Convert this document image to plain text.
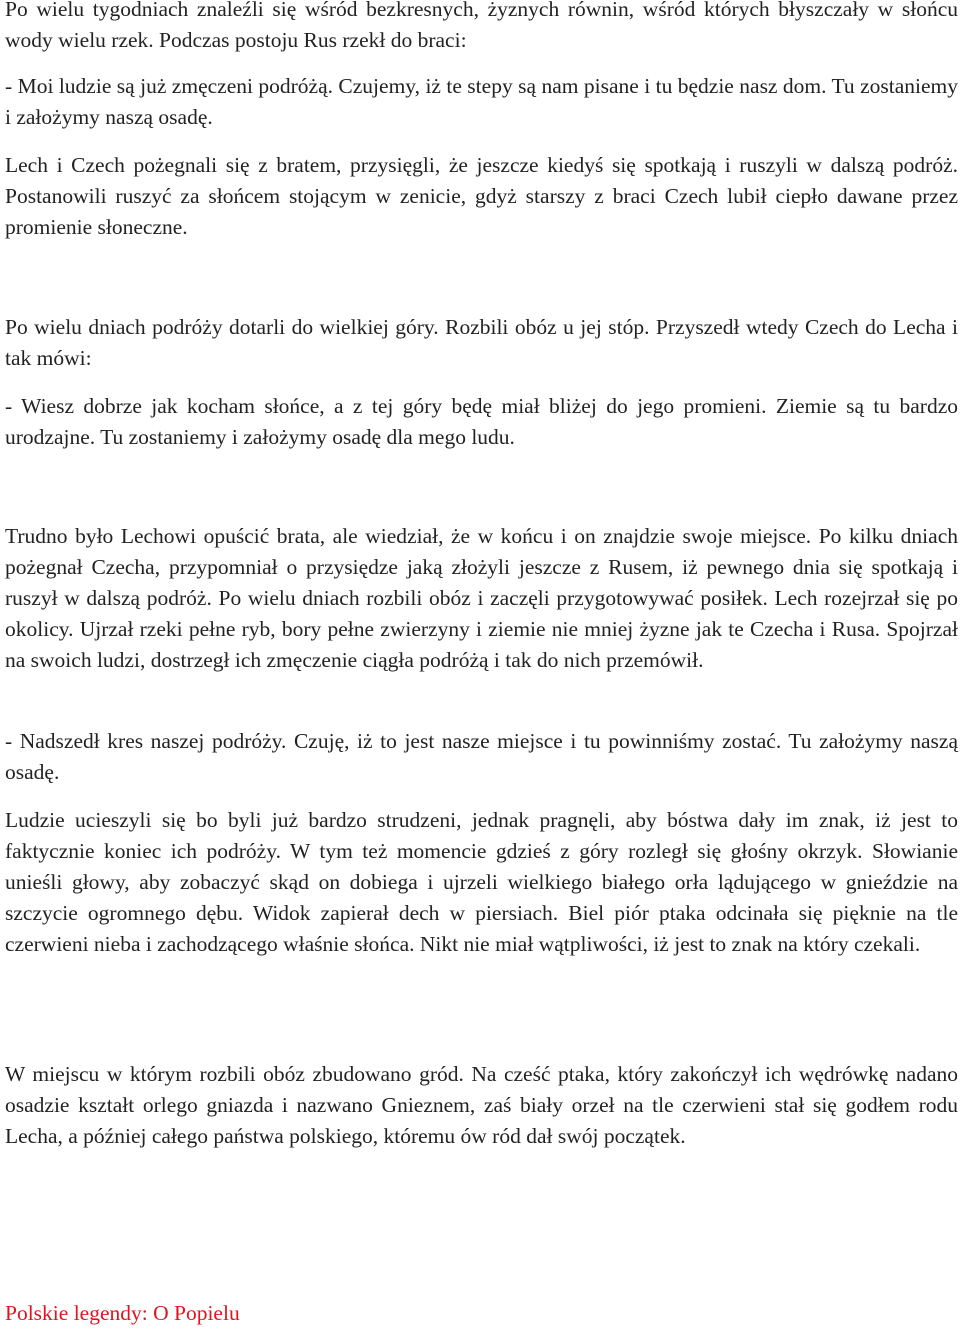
Po wielu tygodniach znaleźli się wśród bezkresnych, żyznych równin, wśród których błyszczały w słońcu wody wielu rzek. Podczas postoju Rus rzekł do braci:

- Moi ludzie są już zmęczeni podróżą. Czujemy, iż te stepy są nam pisane i tu będzie nasz dom. Tu zostaniemy i założymy naszą osadę.

Lech i Czech pożegnali się z bratem, przysięgli, że jeszcze kiedyś się spotkają i ruszyli w dalszą podróż. Postanowili ruszyć za słońcem stojącym w zenicie, gdyż starszy z braci Czech lubił ciepło dawane przez promienie słoneczne.

Po wielu dniach podróży dotarli do wielkiej góry. Rozbili obóz u jej stóp. Przyszedł wtedy Czech do Lecha i tak mówi:

- Wiesz dobrze jak kocham słońce, a z tej góry będę miał bliżej do jego promieni. Ziemie są tu bardzo urodzajne. Tu zostaniemy i założymy osadę dla mego ludu.

Trudno było Lechowi opuścić brata, ale wiedział, że w końcu i on znajdzie swoje miejsce. Po kilku dniach pożegnał Czecha, przypomniał o przysiędze jaką złożyli jeszcze z Rusem, iż pewnego dnia się spotkają i ruszył w dalszą podróż. Po wielu dniach rozbili obóz i zaczęli przygotowywać posiłek. Lech rozejrzał się po okolicy. Ujrzał rzeki pełne ryb, bory pełne zwierzyny i ziemie nie mniej żyzne jak te Czecha i Rusa. Spojrzał na swoich ludzi, dostrzegł ich zmęczenie ciągła podróżą i tak do nich przemówił.

- Nadszedł kres naszej podróży. Czuję, iż to jest nasze miejsce i tu powinniśmy zostać. Tu założymy naszą osadę.

Ludzie ucieszyli się bo byli już bardzo strudzeni, jednak pragnęli, aby bóstwa dały im znak, iż jest to faktycznie koniec ich podróży. W tym też momencie gdzieś z góry rozległ się głośny okrzyk. Słowianie unieśli głowy, aby zobaczyć skąd on dobiega i ujrzeli wielkiego białego orła lądującego w gnieździe na szczycie ogromnego dębu. Widok zapierał dech w piersiach. Biel piór ptaka odcinała się pięknie na tle czerwieni nieba i zachodzącego właśnie słońca. Nikt nie miał wątpliwości, iż jest to znak na który czekali.

W miejscu w którym rozbili obóz zbudowano gród. Na cześć ptaka, który zakończył ich wędrówkę nadano osadzie kształt orlego gniazda i nazwano Gnieznem, zaś biały orzeł na tle czerwieni stał się godłem rodu Lecha, a później całego państwa polskiego, któremu ów ród dał swój początek.

Polskie legendy: O Popielu
